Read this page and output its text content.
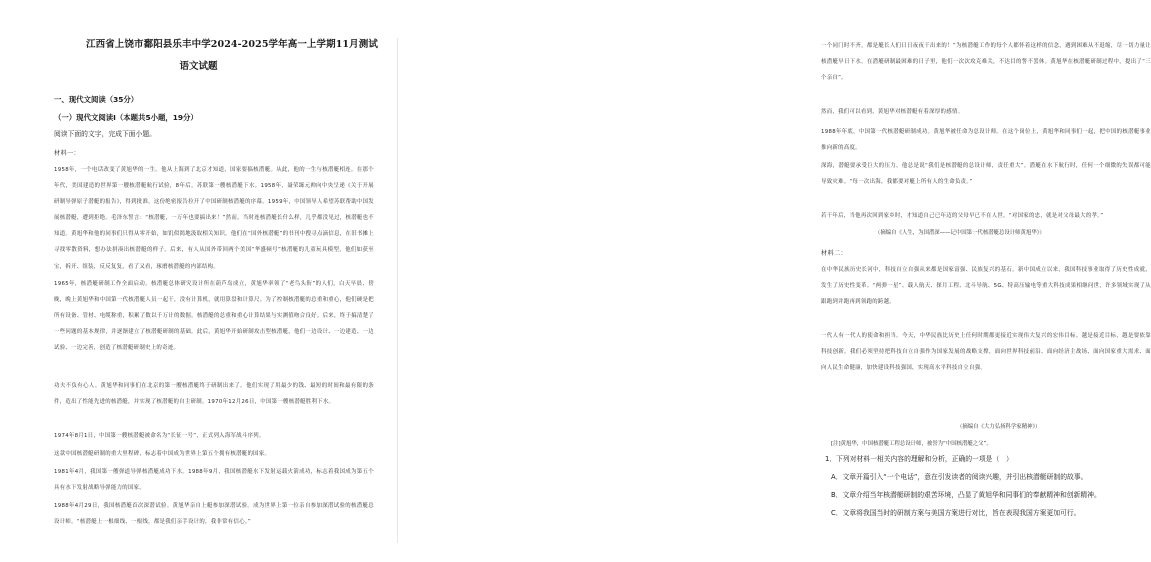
江西省上饶市鄱阳县乐丰中学2024-2025学年高一上学期11月测试
语文试题
一、现代文阅读（35分）
（一）现代文阅读Ⅰ（本题共5小题，19分）
阅读下面的文字，完成下面小题。
材料一：
1958年，一个电话改变了黄旭华的一生。他从上海到了北京才知道，国家要搞核潜艇。从此，他的一生与核潜艇相连。在那个年代，美国建造的世界第一艘核潜艇航行试验，8年后，苏联第一艘核潜艇下水。1958年，聂荣臻元帅向中央呈递《关于开展研制导弹原子潜艇的报告》，得到批准。这份绝密报告拉开了中国研制核潜艇的序幕。1959年，中国领导人希望苏联帮助中国发展核潜艇，遭到拒绝。毛泽东誓言：“核潜艇，一万年也要搞出来！”然而，当时连核潜艇长什么样，几乎都没见过，核潜艇也不知道。黄旭华和他的同事们只得从零开始，如饥似渴地汲取相关知识。他们在“国外核潜艇”的书刊中搜寻点滴信息，在旧书摊上寻找零散资料，想办法拼凑出核潜艇的样子。后来，有人从国外带回两个美国“华盛顿号”核潜艇的儿童玩具模型，他们如获至宝，拆开、组装，反反复复，看了又看，琢磨核潜艇的内部结构。
1965年，核潜艇研制工作全面启动。核潜艇总体研究设计所在葫芦岛成立，黄旭华率领了“老鸟头衔”的人们，白天早晨、傍晚，晚上黄旭华和中国第一代核潜艇人员一起干，没有计算机，就用算盘和计算尺。为了控制核潜艇的总重和重心，他们硬是把所有设备、管材、电缆称重，积累了数以千万计的数据，核潜艇的总重和重心计算结果与实测值吻合良好。后来，终于搞清楚了一些问题的基本规律，并逐渐建立了核潜艇研制的基础。此后，黄旭华开始研制攻击型核潜艇，他们一边设计、一边建造、一边试验、一边完善，创造了核潜艇研制史上的奇迹。
功夫不负有心人。黄旭华和同事们在北京的第一艘核潜艇终于研制出来了。他们实现了用最少的钱、最短的时间和最有限的条件，造出了性能先进的核潜艇，并实现了核潜艇的自主研制。1970年12月26日，中国第一艘核潜艇胜利下水。
1974年8月1日，中国第一艘核潜艇被命名为“长征一号”，正式列入海军战斗序列。
这款中国核潜艇研制的重大里程碑，标志着中国成为世界上第五个拥有核潜艇的国家。
1981年4月，我国第一艘弹道导弹核潜艇成功下水。1988年9月，我国核潜艇水下发射运载火箭成功，标志着我国成为第五个具有水下发射战略导弹能力的国家。
1988年4月29日，我国核潜艇首次深潜试验。黄旭华亲自上艇参加深潜试验。成为世界上第一位亲自参加深潜试验的核潜艇总设计师。“核潜艇上一根细线、一根线，都是我们亲手设计的，我非常有信心。”
一个同门时不齐，都是艇长人们日日夜夜干出来的！”为核潜艇工作的每个人都怀着这样的信念，遇到困难从不退缩，尽一切力量让核潜艇早日下水。在潜艇研制最困难的日子里，他们一次次攻克难关，不达目的誓不罢休。黄旭华在核潜艇研制过程中，提出了“三个亲自”。
然而，我们可以看到，黄旭华对核潜艇有着深厚的感情。
1988年年底，中国第一代核潜艇研制成功。黄旭华被任命为总设计师。在这个岗位上，黄旭华和同事们一起，把中国的核潜艇事业推向新的高度。
深海，潜艇要承受巨大的压力。他总是说“我们是核潜艇的总设计师，责任重大”。潜艇在水下航行时，任何一个细微的失误都可能导致灾难。“每一次出海，我都要对艇上所有人的生命负责。”
若干年后，当他再次回到家乡时，才知道自己已年迈的父母早已不在人世。“对国家的忠，就是对父母最大的孝。”
（摘编自《人生，为国潜深——记中国第一代核潜艇总设计师黄旭华》）
材料二：
在中华民族历史长河中，科技自立自强从来都是国家富强、民族复兴的基石。新中国成立以来，我国科技事业取得了历史性成就，发生了历史性变革。“两弹一星”、载人航天、探月工程、北斗导航、5G、特高压输电等重大科技成果相继问世，许多领域实现了从跟跑到并跑再到领跑的跨越。
一代人有一代人的使命和担当。今天，中华民族比历史上任何时期都更接近实现伟大复兴的宏伟目标。越是接近目标，越是要依靠科技创新。我们必须坚持把科技自立自强作为国家发展的战略支撑，面向世界科技前沿、面向经济主战场、面向国家重大需求、面向人民生命健康，加快建设科技强国，实现高水平科技自立自强。
（摘编自《大力弘扬科学家精神》）
[注]黄旭华，中国核潜艇工程总设计师，被誉为“中国核潜艇之父”。
1．下列对材料一相关内容的理解和分析，正确的一项是（　）
A．文章开篇引入“一个电话”，意在引发读者的阅读兴趣，并引出核潜艇研制的故事。
B．文章介绍当年核潜艇研制的艰苦环境，凸显了黄旭华和同事们的奉献精神和创新精神。
C．文章将我国当时的研制方案与美国方案进行对比，旨在表现我国方案更加可行。
